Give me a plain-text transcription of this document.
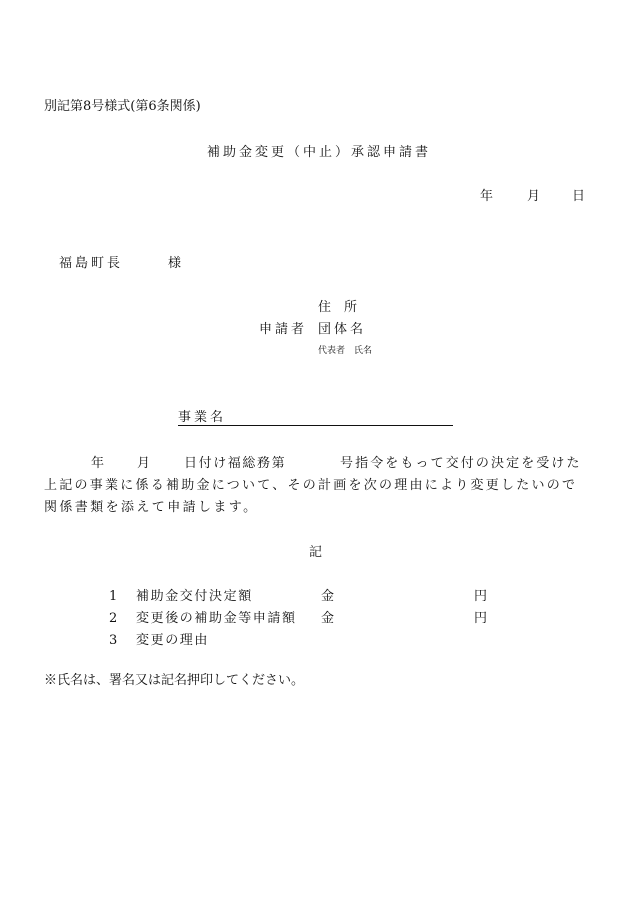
別記第8号様式(第6条関係)
補助金変更（中止）承認申請書
年	月 日
福島町長	様
住　所
申請者 団体名
代表者　氏名
事業名
年	月	日付け福総務第	号指令をもって交付の決定を受けた
上記の事業に係る補助金について、その計画を次の理由により変更したいので
関係書類を添えて申請します。
記
1 補助金交付決定額	金	円
2 変更後の補助金等申請額 金	円
3 変更の理由
※氏名は、署名又は記名押印してください。
